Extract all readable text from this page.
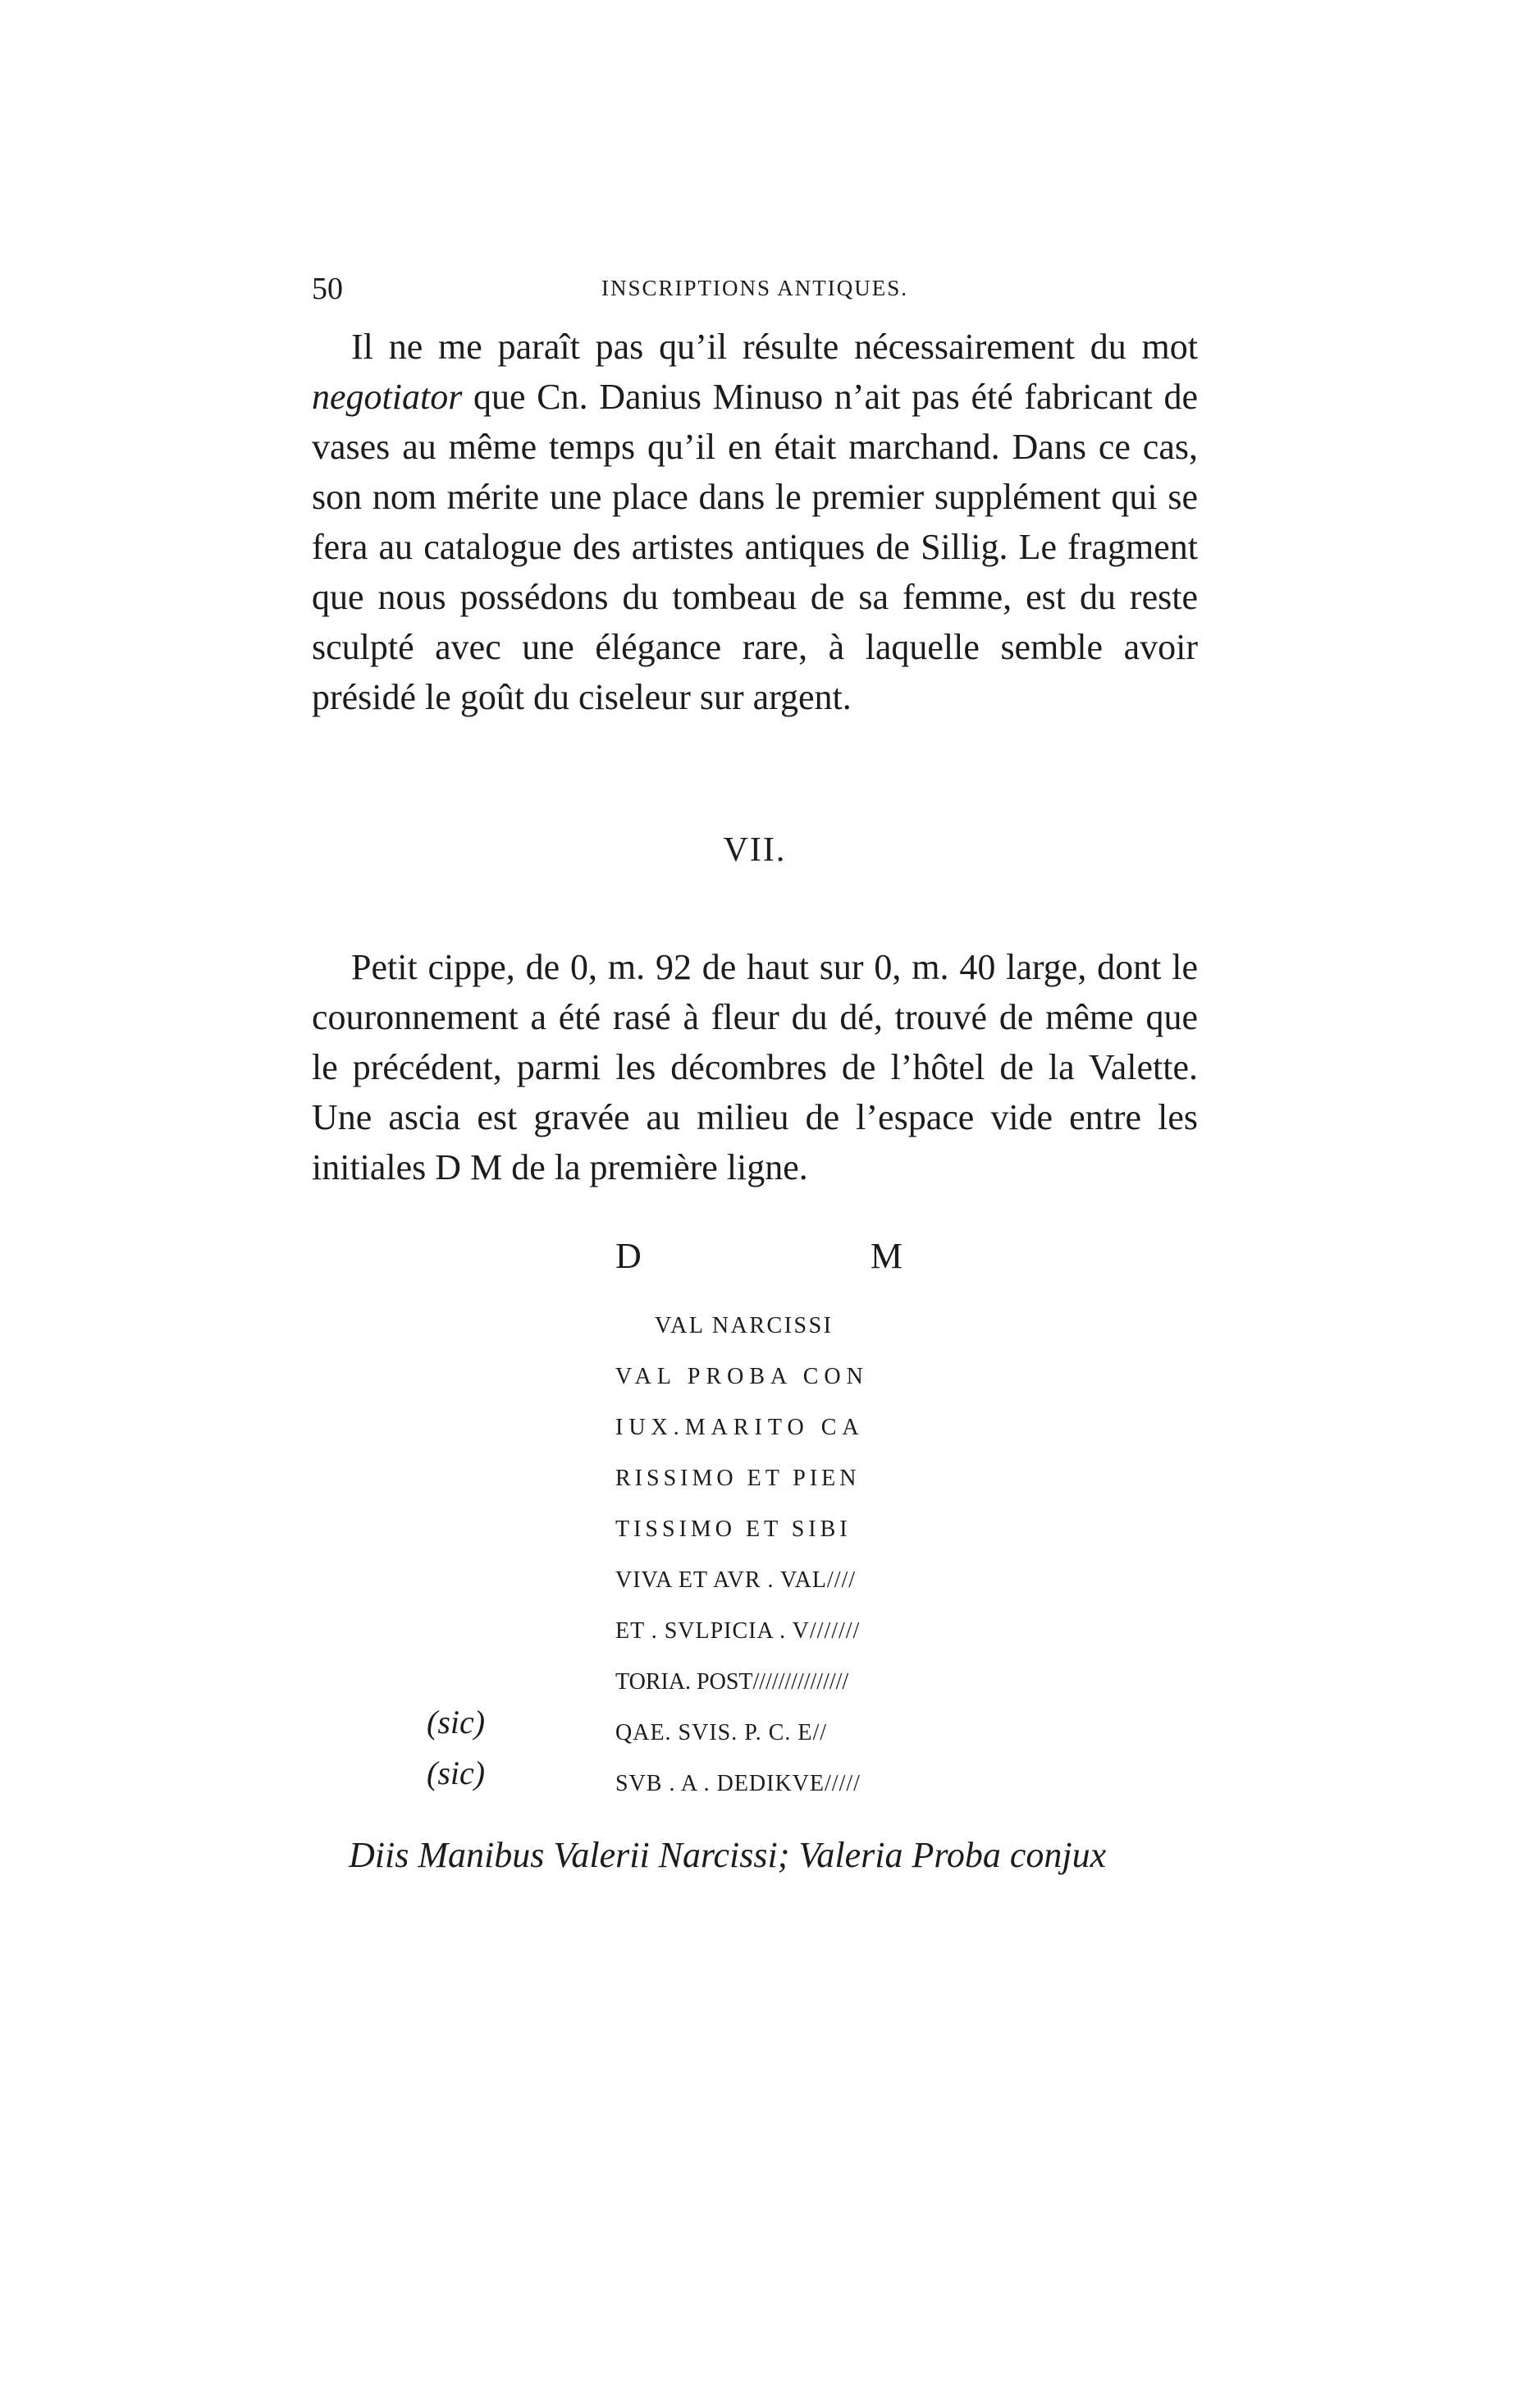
50	INSCRIPTIONS ANTIQUES.

Il ne me paraît pas qu’il résulte nécessairement du mot negotiator que Cn. Danius Minuso n’ait pas été fabricant de vases au même temps qu’il en était marchand. Dans ce cas, son nom mérite une place dans le premier supplément qui se fera au catalogue des artistes antiques de Sillig. Le fragment que nous possédons du tombeau de sa femme, est du reste sculpté avec une élégance rare, à laquelle semble avoir présidé le goût du ciseleur sur argent.

VII.

Petit cippe, de 0, m. 92 de haut sur 0, m. 40 large, dont le couronnement a été rasé à fleur du dé, trouvé de même que le précédent, parmi les décombres de l’hôtel de la Valette. Une ascia est gravée au milieu de l’espace vide entre les initiales D M de la première ligne.

D	M
VAL NARCISSI
VAL PROBA CON
IUX.MARITO CA
RISSIMO ET PIEN
TISSIMO ET SIBI
VIVA ET AVR . VAL////
ET . SVLPICIA . V///////
TORIA. POST///////////////
QAE. SVIS. P. C. E//
SVB . A . DEDIKVE/////
(sic)
(sic)
Diis Manibus Valerii Narcissi; Valeria Proba conjux
